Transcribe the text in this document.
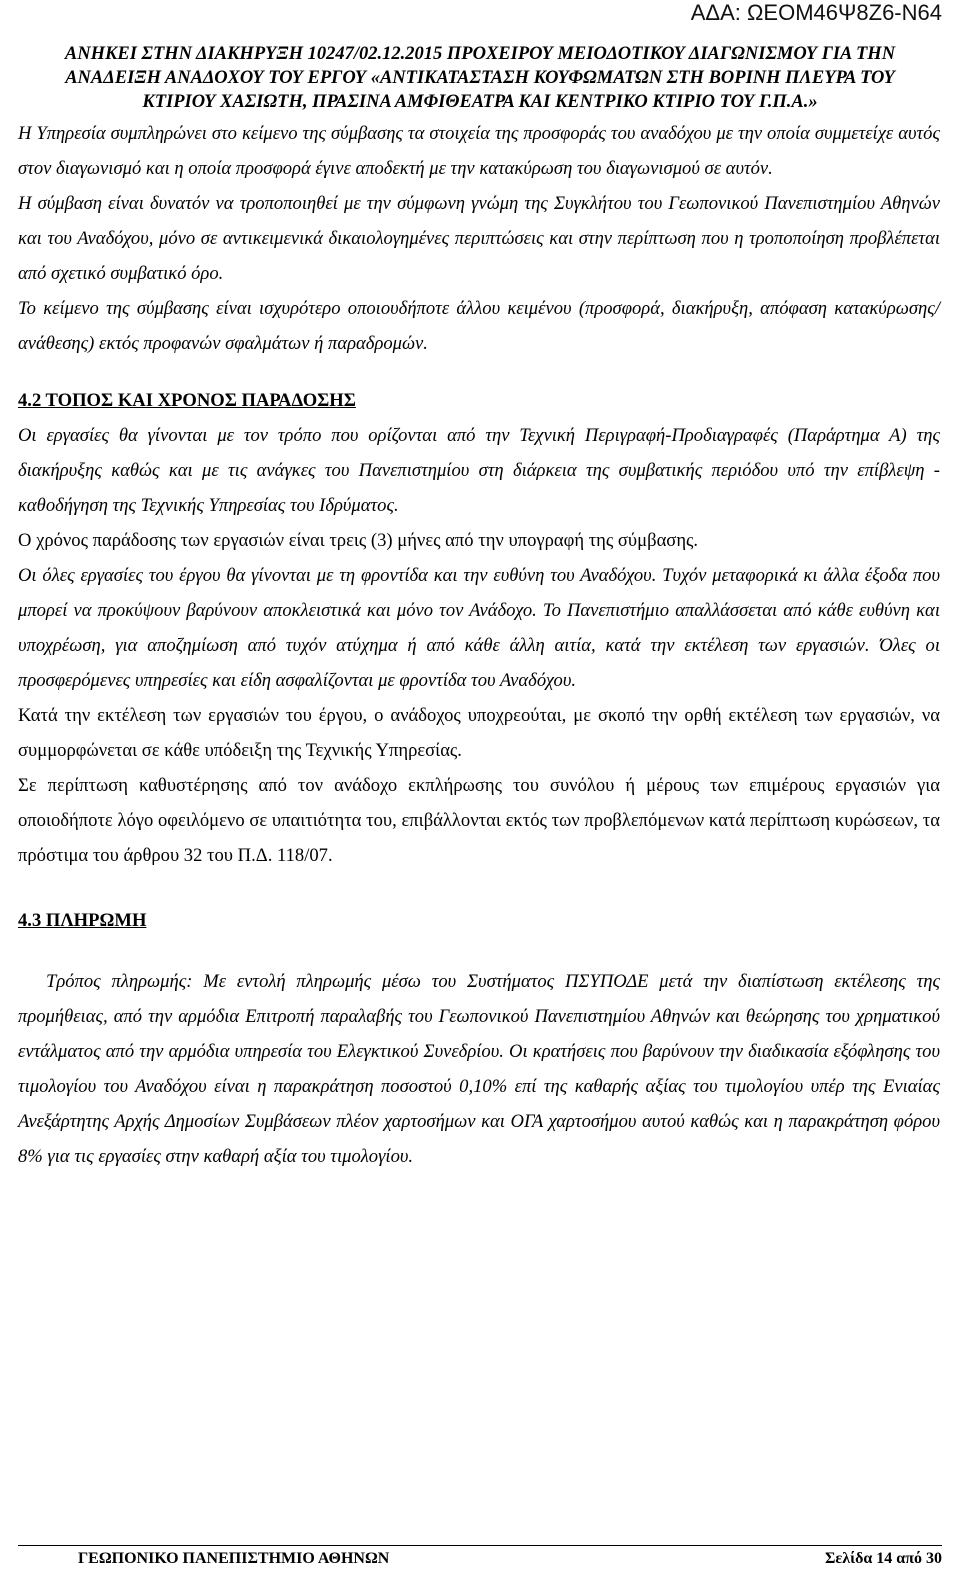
ΑΔΑ: ΩΕΟΜ46Ψ8Ζ6-Ν64
ΑΝΗΚΕΙ ΣΤΗΝ ΔΙΑΚΗΡΥΞΗ 10247/02.12.2015 ΠΡΟΧΕΙΡΟΥ ΜΕΙΟΔΟΤΙΚΟΥ ΔΙΑΓΩΝΙΣΜΟΥ ΓΙΑ ΤΗΝ
ΑΝΑΔΕΙΞΗ ΑΝΑΔΟΧΟΥ ΤΟΥ ΕΡΓΟΥ «ΑΝΤΙΚΑΤΑΣΤΑΣΗ ΚΟΥΦΩΜΑΤΩΝ ΣΤΗ ΒΟΡΙΝΗ ΠΛΕΥΡΑ ΤΟΥ
ΚΤΙΡΙΟΥ ΧΑΣΙΩΤΗ, ΠΡΑΣΙΝΑ ΑΜΦΙΘΕΑΤΡΑ ΚΑΙ ΚΕΝΤΡΙΚΟ ΚΤΙΡΙΟ ΤΟΥ Γ.Π.Α.»

Η Υπηρεσία συμπληρώνει στο κείμενο της σύμβασης τα στοιχεία της προσφοράς του αναδόχου με την οποία συμμετείχε αυτός στον διαγωνισμό και η οποία προσφορά έγινε αποδεκτή με την κατακύρωση του διαγωνισμού σε αυτόν.

Η σύμβαση είναι δυνατόν να τροποποιηθεί με την σύμφωνη γνώμη της Συγκλήτου του Γεωπονικού Πανεπιστημίου Αθηνών και του Αναδόχου, μόνο σε αντικειμενικά δικαιολογημένες περιπτώσεις και στην περίπτωση που η τροποποίηση προβλέπεται από σχετικό συμβατικό όρο.

Το κείμενο της σύμβασης είναι ισχυρότερο οποιουδήποτε άλλου κειμένου (προσφορά, διακήρυξη, απόφαση κατακύρωσης/ανάθεσης) εκτός προφανών σφαλμάτων ή παραδρομών.

4.2 ΤΟΠΟΣ ΚΑΙ ΧΡΟΝΟΣ ΠΑΡΑΔΟΣΗΣ

Οι εργασίες θα γίνονται με τον τρόπο που ορίζονται από την Τεχνική Περιγραφή-Προδιαγραφές (Παράρτημα Α) της διακήρυξης καθώς και με τις ανάγκες του Πανεπιστημίου στη διάρκεια της συμβατικής περιόδου υπό την επίβλεψη - καθοδήγηση της Τεχνικής Υπηρεσίας του Ιδρύματος.

Ο χρόνος παράδοσης των εργασιών είναι τρεις (3) μήνες από την υπογραφή της σύμβασης.

Οι όλες εργασίες του έργου θα γίνονται με τη φροντίδα και την ευθύνη του Αναδόχου. Τυχόν μεταφορικά κι άλλα έξοδα που μπορεί να προκύψουν βαρύνουν αποκλειστικά και μόνο τον Ανάδοχο. Το Πανεπιστήμιο απαλλάσσεται από κάθε ευθύνη και υποχρέωση, για αποζημίωση από τυχόν ατύχημα ή από κάθε άλλη αιτία, κατά την εκτέλεση των εργασιών. Όλες οι προσφερόμενες υπηρεσίες και είδη ασφαλίζονται με φροντίδα του Αναδόχου.

Κατά την εκτέλεση των εργασιών του έργου, ο ανάδοχος υποχρεούται, με σκοπό την ορθή εκτέλεση των εργασιών, να συμμορφώνεται σε κάθε υπόδειξη της Τεχνικής Υπηρεσίας.

Σε περίπτωση καθυστέρησης από τον ανάδοχο εκπλήρωσης του συνόλου ή μέρους των επιμέρους εργασιών για οποιοδήποτε λόγο οφειλόμενο σε υπαιτιότητα του, επιβάλλονται εκτός των προβλεπόμενων κατά περίπτωση κυρώσεων, τα πρόστιμα του άρθρου 32 του Π.Δ. 118/07.

4.3 ΠΛΗΡΩΜΗ

Τρόπος πληρωμής: Με εντολή πληρωμής μέσω του Συστήματος ΠΣΥΠΟΔΕ μετά την διαπίστωση εκτέλεσης της προμήθειας, από την αρμόδια Επιτροπή παραλαβής του Γεωπονικού Πανεπιστημίου Αθηνών και θεώρησης του χρηματικού εντάλματος από την αρμόδια υπηρεσία του Ελεγκτικού Συνεδρίου. Οι κρατήσεις που βαρύνουν την διαδικασία εξόφλησης του τιμολογίου του Αναδόχου είναι η παρακράτηση ποσοστού 0,10% επί της καθαρής αξίας του τιμολογίου υπέρ της Ενιαίας Ανεξάρτητης Αρχής Δημοσίων Συμβάσεων πλέον χαρτοσήμων και ΟΓΑ χαρτοσήμου αυτού καθώς και η παρακράτηση φόρου 8% για τις εργασίες στην καθαρή αξία του τιμολογίου.

ΓΕΩΠΟΝΙΚΟ ΠΑΝΕΠΙΣΤΗΜΙΟ ΑΘΗΝΩΝ	Σελίδα 14 από 30
